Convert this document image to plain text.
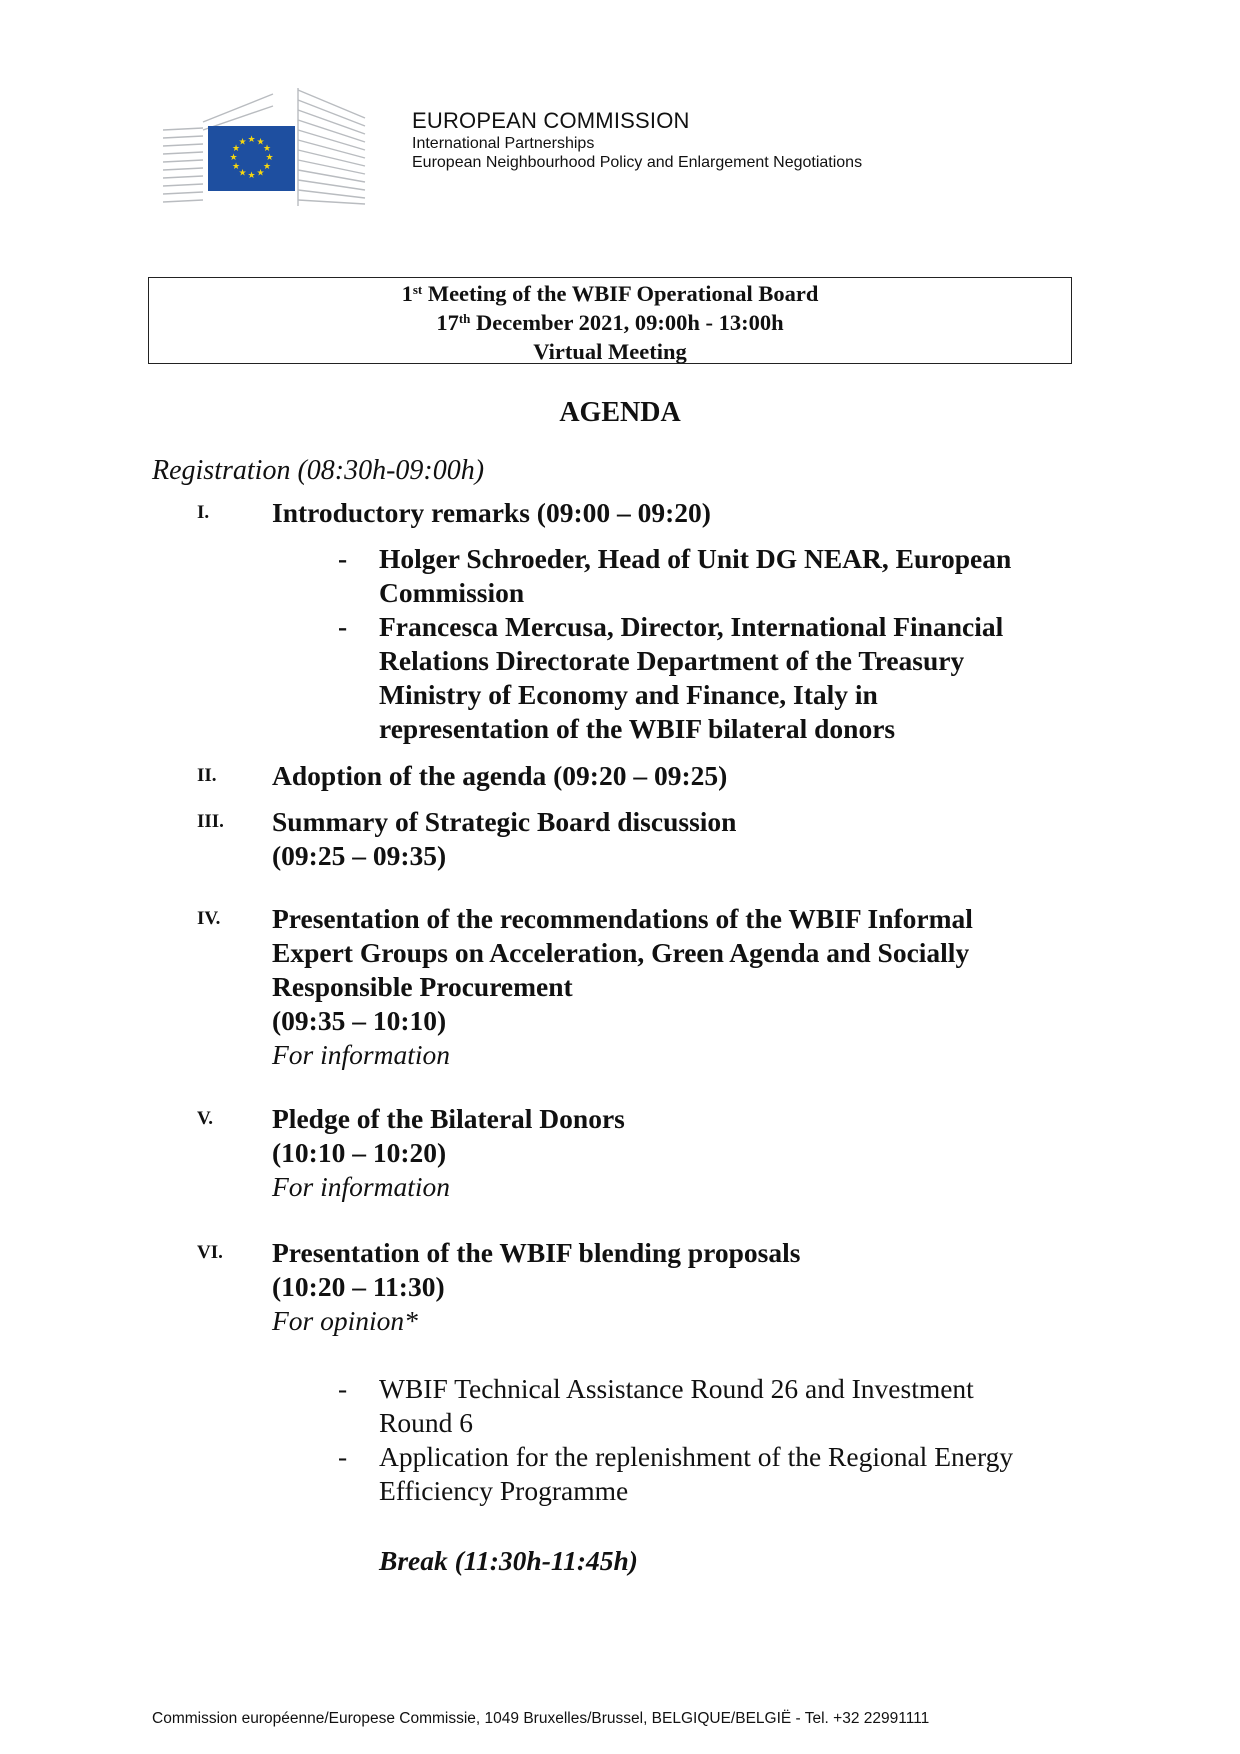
★ ★
★
★
★
★
★
★
★
★
★
★
EUROPEAN COMMISSION
International Partnerships
European Neighbourhood Policy and Enlargement Negotiations
1st Meeting of the WBIF Operational Board
17th December 2021, 09:00h - 13:00h
Virtual Meeting
AGENDA
Registration (08:30h-09:00h)
I. Introductory remarks (09:00 – 09:20)
- Holger Schroeder, Head of Unit DG NEAR, European
Commission
- Francesca Mercusa, Director, International Financial
Relations Directorate Department of the Treasury
Ministry of Economy and Finance, Italy in
representation of the WBIF bilateral donors
II. Adoption of the agenda (09:20 – 09:25)
III. Summary of Strategic Board discussion
(09:25 – 09:35)
IV. Presentation of the recommendations of the WBIF Informal
Expert Groups on Acceleration, Green Agenda and Socially
Responsible Procurement
(09:35 – 10:10)
For information
V. Pledge of the Bilateral Donors
(10:10 – 10:20)
For information
VI. Presentation of the WBIF blending proposals
(10:20 – 11:30)
For opinion*
- WBIF Technical Assistance Round 26 and Investment
Round 6
- Application for the replenishment of the Regional Energy
Efficiency Programme
Break (11:30h-11:45h)
Commission européenne/Europese Commissie, 1049 Bruxelles/Brussel, BELGIQUE/BELGIË - Tel. +32 22991111
